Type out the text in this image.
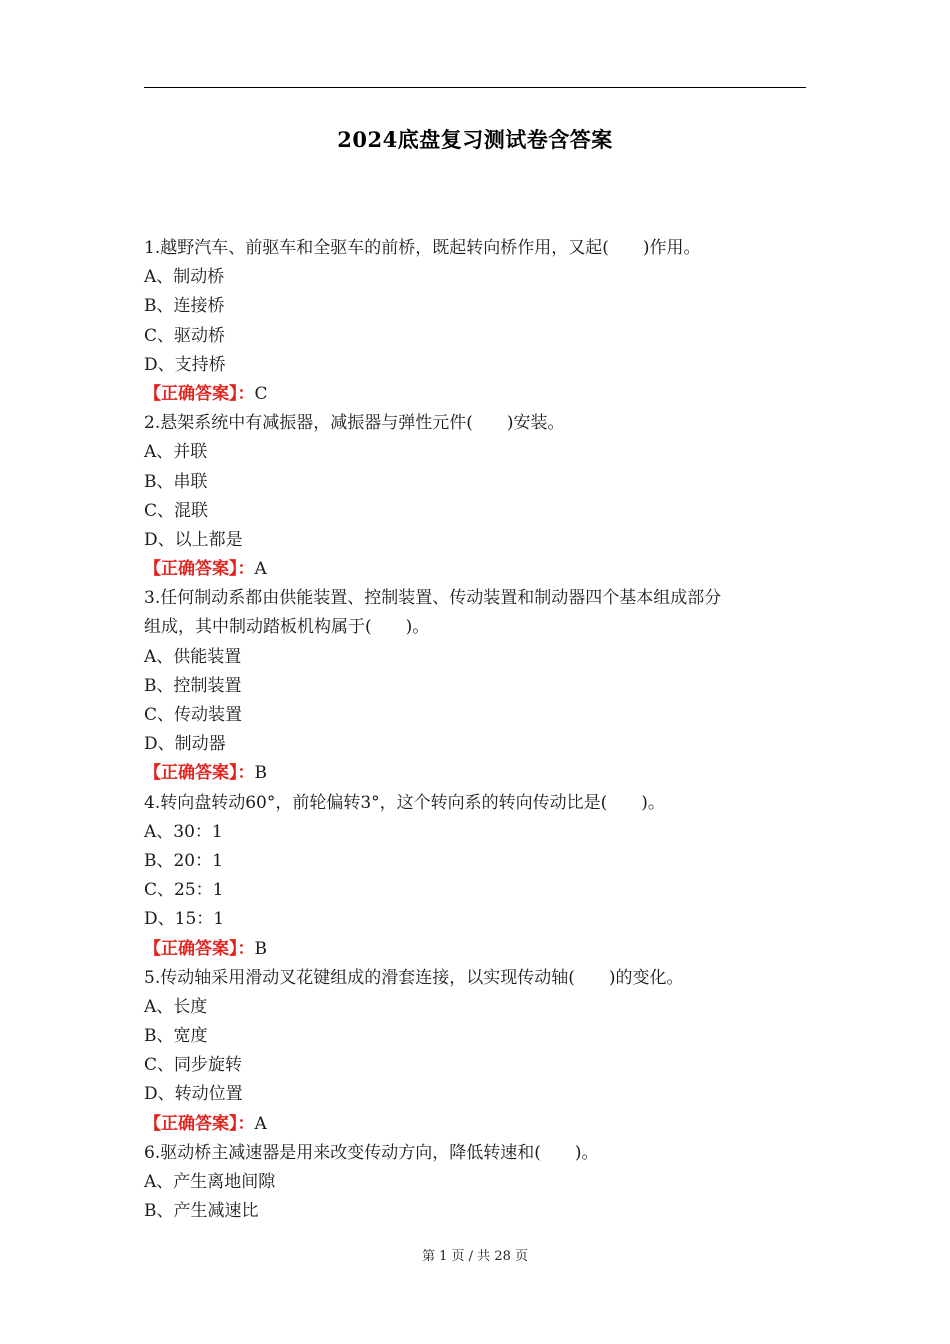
2024底盘复习测试卷含答案
1.越野汽车、前驱车和全驱车的前桥，既起转向桥作用，又起(　　)作用。
A、制动桥
B、连接桥
C、驱动桥
D、支持桥
【正确答案】：C
2.悬架系统中有减振器，减振器与弹性元件(　　)安装。
A、并联
B、串联
C、混联
D、以上都是
【正确答案】：A
3.任何制动系都由供能装置、控制装置、传动装置和制动器四个基本组成部分
组成，其中制动踏板机构属于(　　)。
A、供能装置
B、控制装置
C、传动装置
D、制动器
【正确答案】：B
4.转向盘转动60°，前轮偏转3°，这个转向系的转向传动比是(　　)。
A、30：1
B、20：1
C、25：1
D、15：1
【正确答案】：B
5.传动轴采用滑动叉花键组成的滑套连接，以实现传动轴(　　)的变化。
A、长度
B、宽度
C、同步旋转
D、转动位置
【正确答案】：A
6.驱动桥主减速器是用来改变传动方向，降低转速和(　　)。
A、产生离地间隙
B、产生减速比
第 1 页 / 共 28 页
